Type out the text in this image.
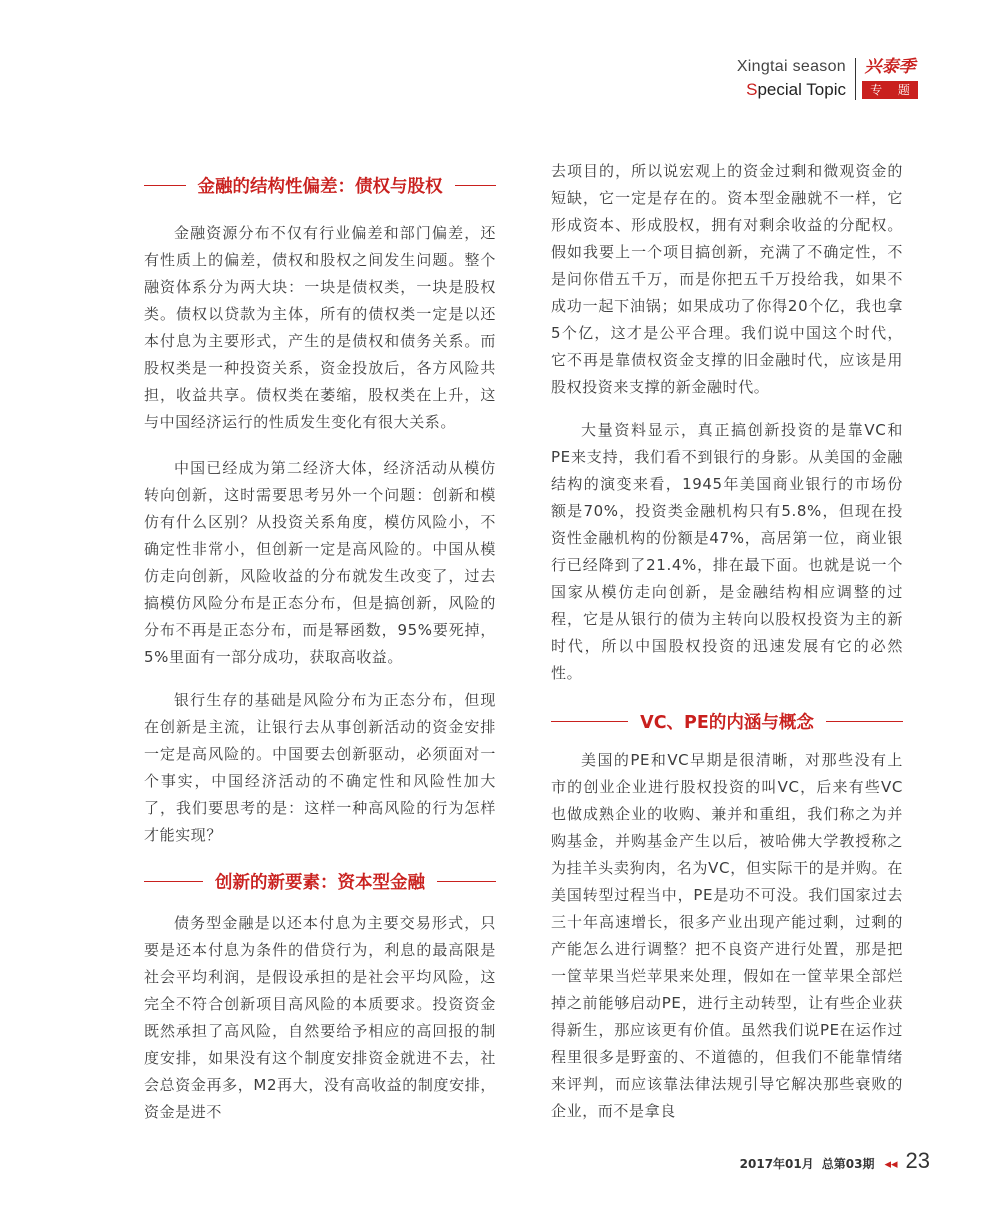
Xingtai season
Special Topic
兴泰季
专 题
金融的结构性偏差：债权与股权

金融资源分布不仅有行业偏差和部门偏差，还有性质上的偏差，债权和股权之间发生问题。整个融资体系分为两大块：一块是债权类，一块是股权类。债权以贷款为主体，所有的债权类一定是以还本付息为主要形式，产生的是债权和债务关系。而股权类是一种投资关系，资金投放后，各方风险共担，收益共享。债权类在萎缩，股权类在上升，这与中国经济运行的性质发生变化有很大关系。

中国已经成为第二经济大体，经济活动从模仿转向创新，这时需要思考另外一个问题：创新和模仿有什么区别？从投资关系角度，模仿风险小，不确定性非常小，但创新一定是高风险的。中国从模仿走向创新，风险收益的分布就发生改变了，过去搞模仿风险分布是正态分布，但是搞创新，风险的分布不再是正态分布，而是幂函数，95%要死掉，5%里面有一部分成功，获取高收益。

银行生存的基础是风险分布为正态分布，但现在创新是主流，让银行去从事创新活动的资金安排一定是高风险的。中国要去创新驱动，必须面对一个事实，中国经济活动的不确定性和风险性加大了，我们要思考的是：这样一种高风险的行为怎样才能实现？

创新的新要素：资本型金融

债务型金融是以还本付息为主要交易形式，只要是还本付息为条件的借贷行为，利息的最高限是社会平均利润，是假设承担的是社会平均风险，这完全不符合创新项目高风险的本质要求。投资资金既然承担了高风险，自然要给予相应的高回报的制度安排，如果没有这个制度安排资金就进不去，社会总资金再多，M2再大，没有高收益的制度安排，资金是进不

去项目的，所以说宏观上的资金过剩和微观资金的短缺，它一定是存在的。资本型金融就不一样，它形成资本、形成股权，拥有对剩余收益的分配权。假如我要上一个项目搞创新，充满了不确定性，不是问你借五千万，而是你把五千万投给我，如果不成功一起下油锅；如果成功了你得20个亿，我也拿5个亿，这才是公平合理。我们说中国这个时代，它不再是靠债权资金支撑的旧金融时代，应该是用股权投资来支撑的新金融时代。

大量资料显示，真正搞创新投资的是靠VC和PE来支持，我们看不到银行的身影。从美国的金融结构的演变来看，1945年美国商业银行的市场份额是70%，投资类金融机构只有5.8%，但现在投资性金融机构的份额是47%，高居第一位，商业银行已经降到了21.4%，排在最下面。也就是说一个国家从模仿走向创新，是金融结构相应调整的过程，它是从银行的债为主转向以股权投资为主的新时代，所以中国股权投资的迅速发展有它的必然性。

VC、PE的内涵与概念

美国的PE和VC早期是很清晰，对那些没有上市的创业企业进行股权投资的叫VC，后来有些VC也做成熟企业的收购、兼并和重组，我们称之为并购基金，并购基金产生以后，被哈佛大学教授称之为挂羊头卖狗肉，名为VC，但实际干的是并购。在美国转型过程当中，PE是功不可没。我们国家过去三十年高速增长，很多产业出现产能过剩，过剩的产能怎么进行调整？把不良资产进行处置，那是把一筐苹果当烂苹果来处理，假如在一筐苹果全部烂掉之前能够启动PE，进行主动转型，让有些企业获得新生，那应该更有价值。虽然我们说PE在运作过程里很多是野蛮的、不道德的，但我们不能靠情绪来评判，而应该靠法律法规引导它解决那些衰败的企业，而不是拿良

2017年01月 总第03期 ◂◂ 23
